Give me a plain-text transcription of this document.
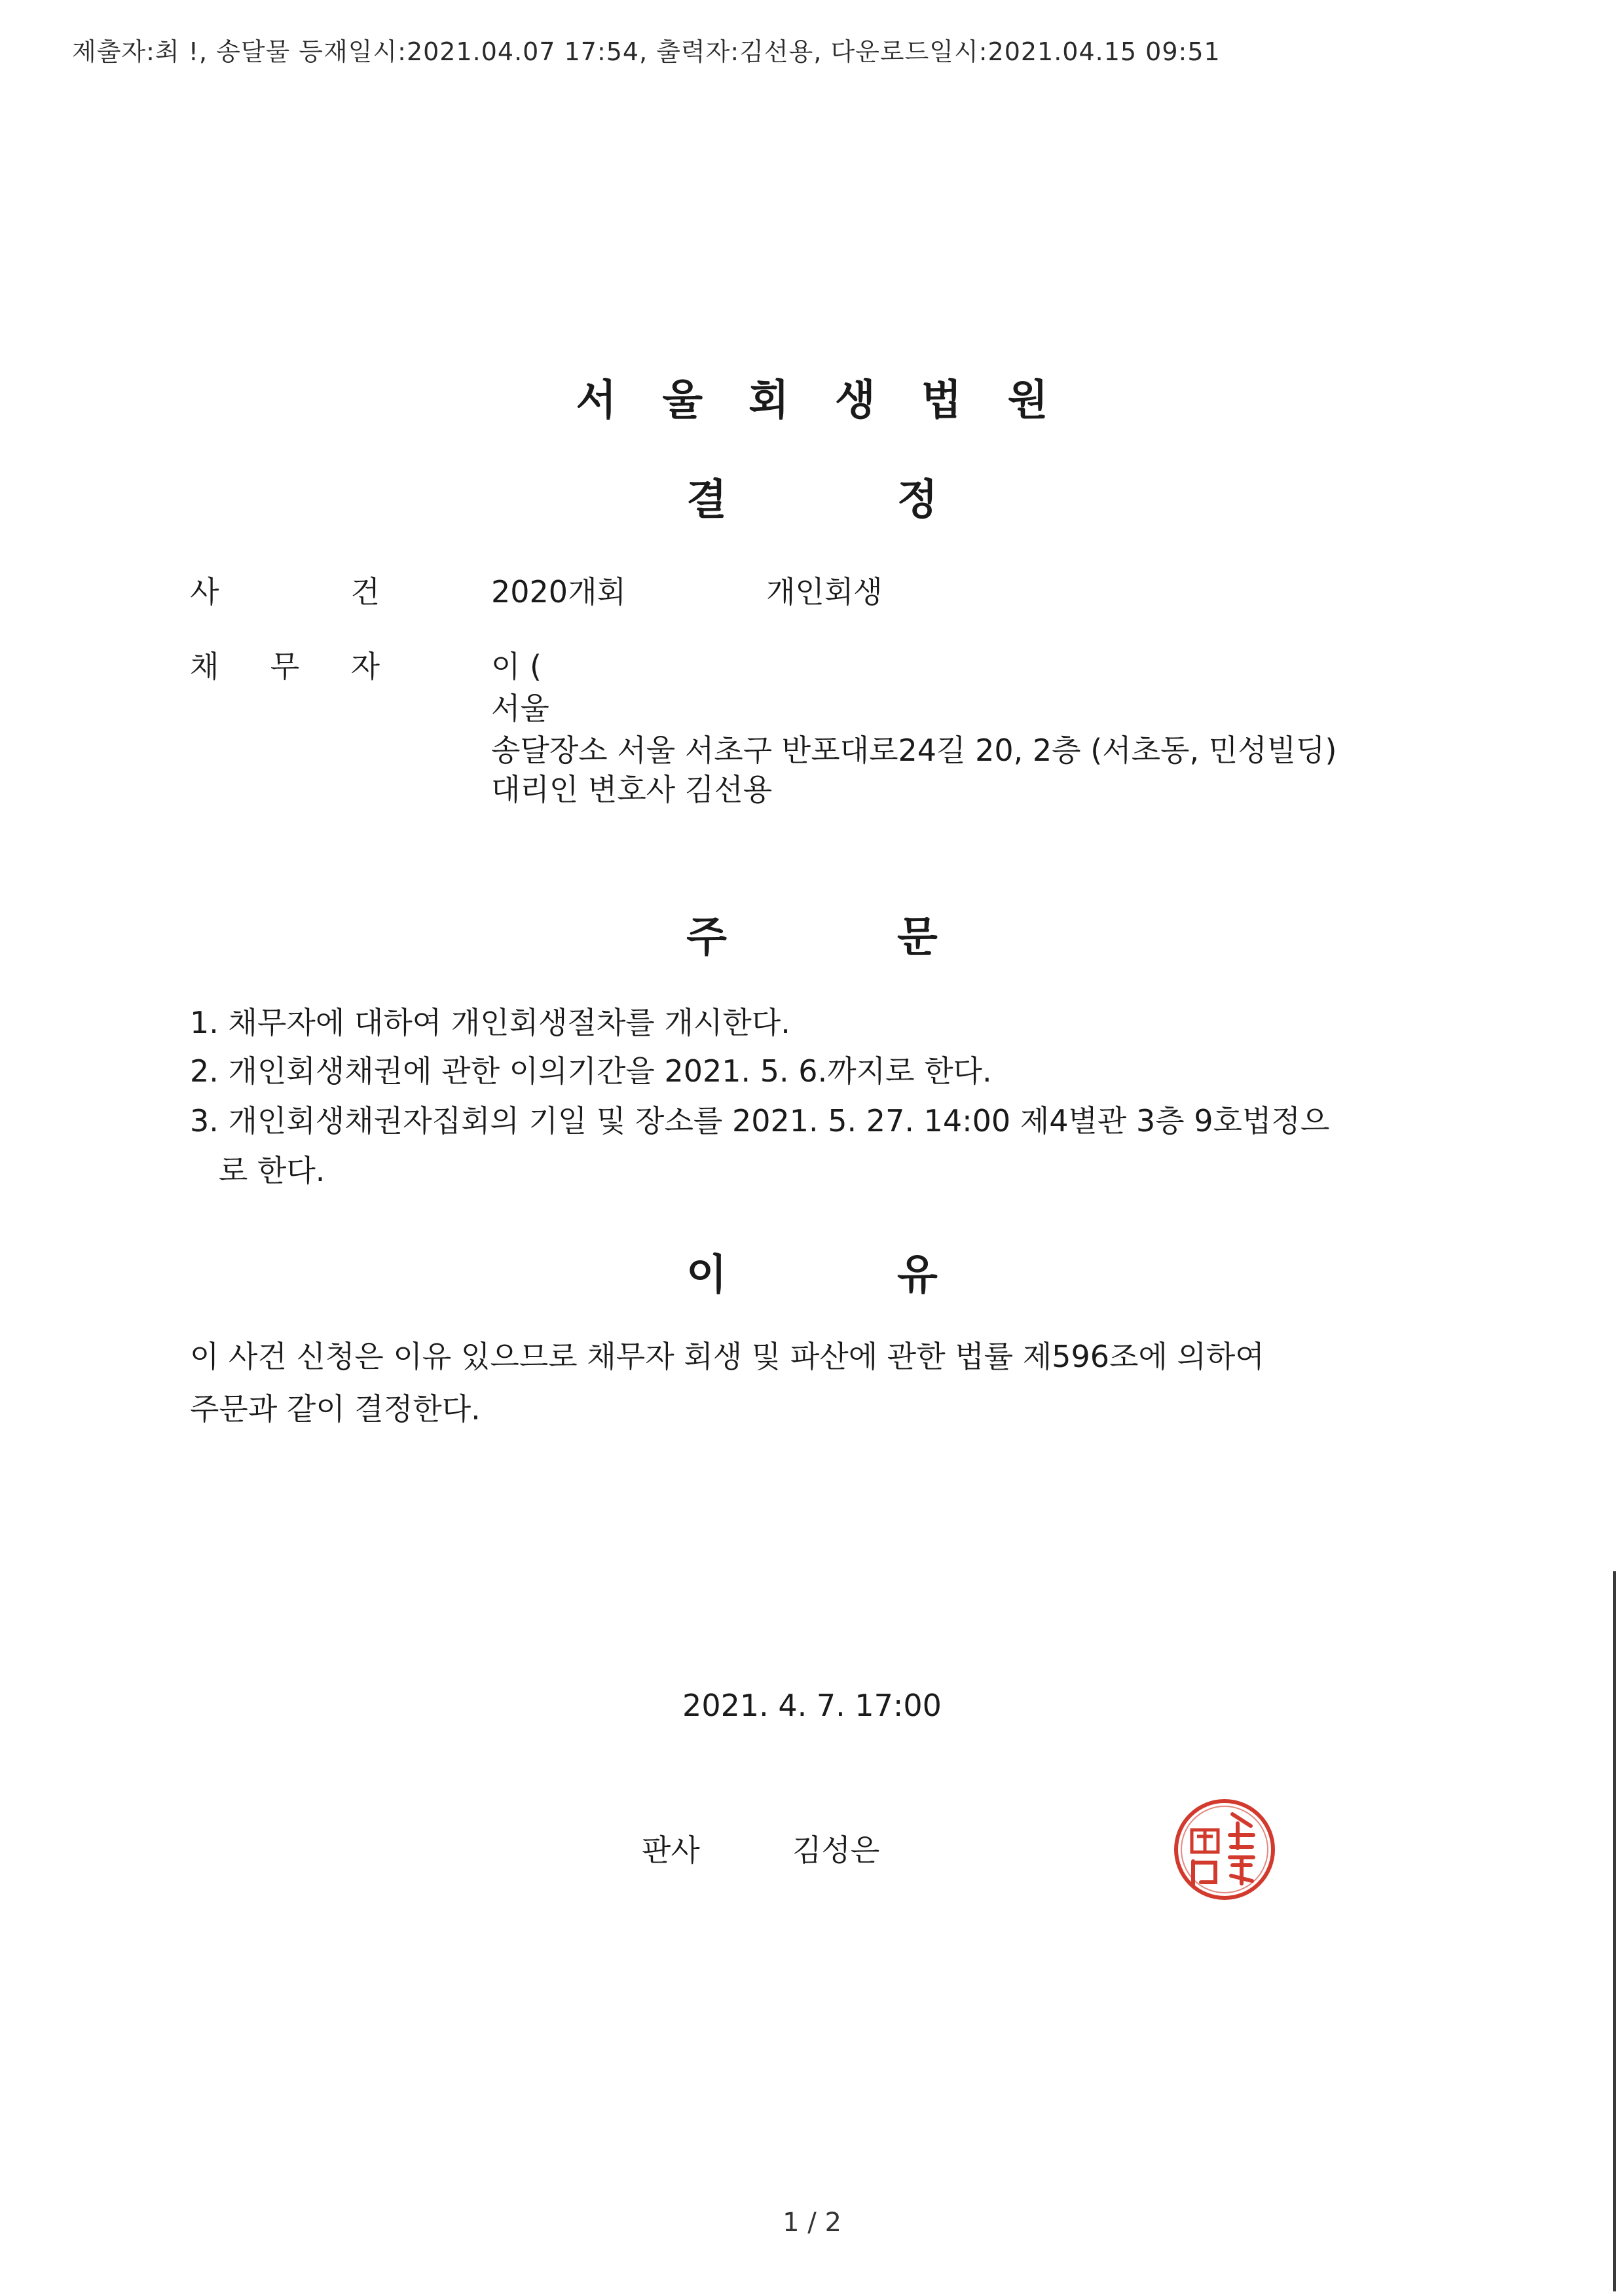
제출자:최 !, 송달물 등재일시:2021.04.07 17:54, 출력자:김선용, 다운로드일시:2021.04.15 09:51
서울회생법원
결	정
사	건	2020개회	개인회생
채 무 자	이 (
서울
송달장소 서울 서초구 반포대로24길 20, 2층 (서초동, 민성빌딩)
대리인 변호사 김선용
주	문
1. 채무자에 대하여 개인회생절차를 개시한다.
2. 개인회생채권에 관한 이의기간을 2021. 5. 6.까지로 한다.
3. 개인회생채권자집회의 기일 및 장소를 2021. 5. 27. 14:00 제4별관 3층 9호법정으
로 한다.
이	유
이 사건 신청은 이유 있으므로 채무자 회생 및 파산에 관한 법률 제596조에 의하여
주문과 같이 결정한다.
2021. 4. 7. 17:00
판사	김성은
1 / 2
